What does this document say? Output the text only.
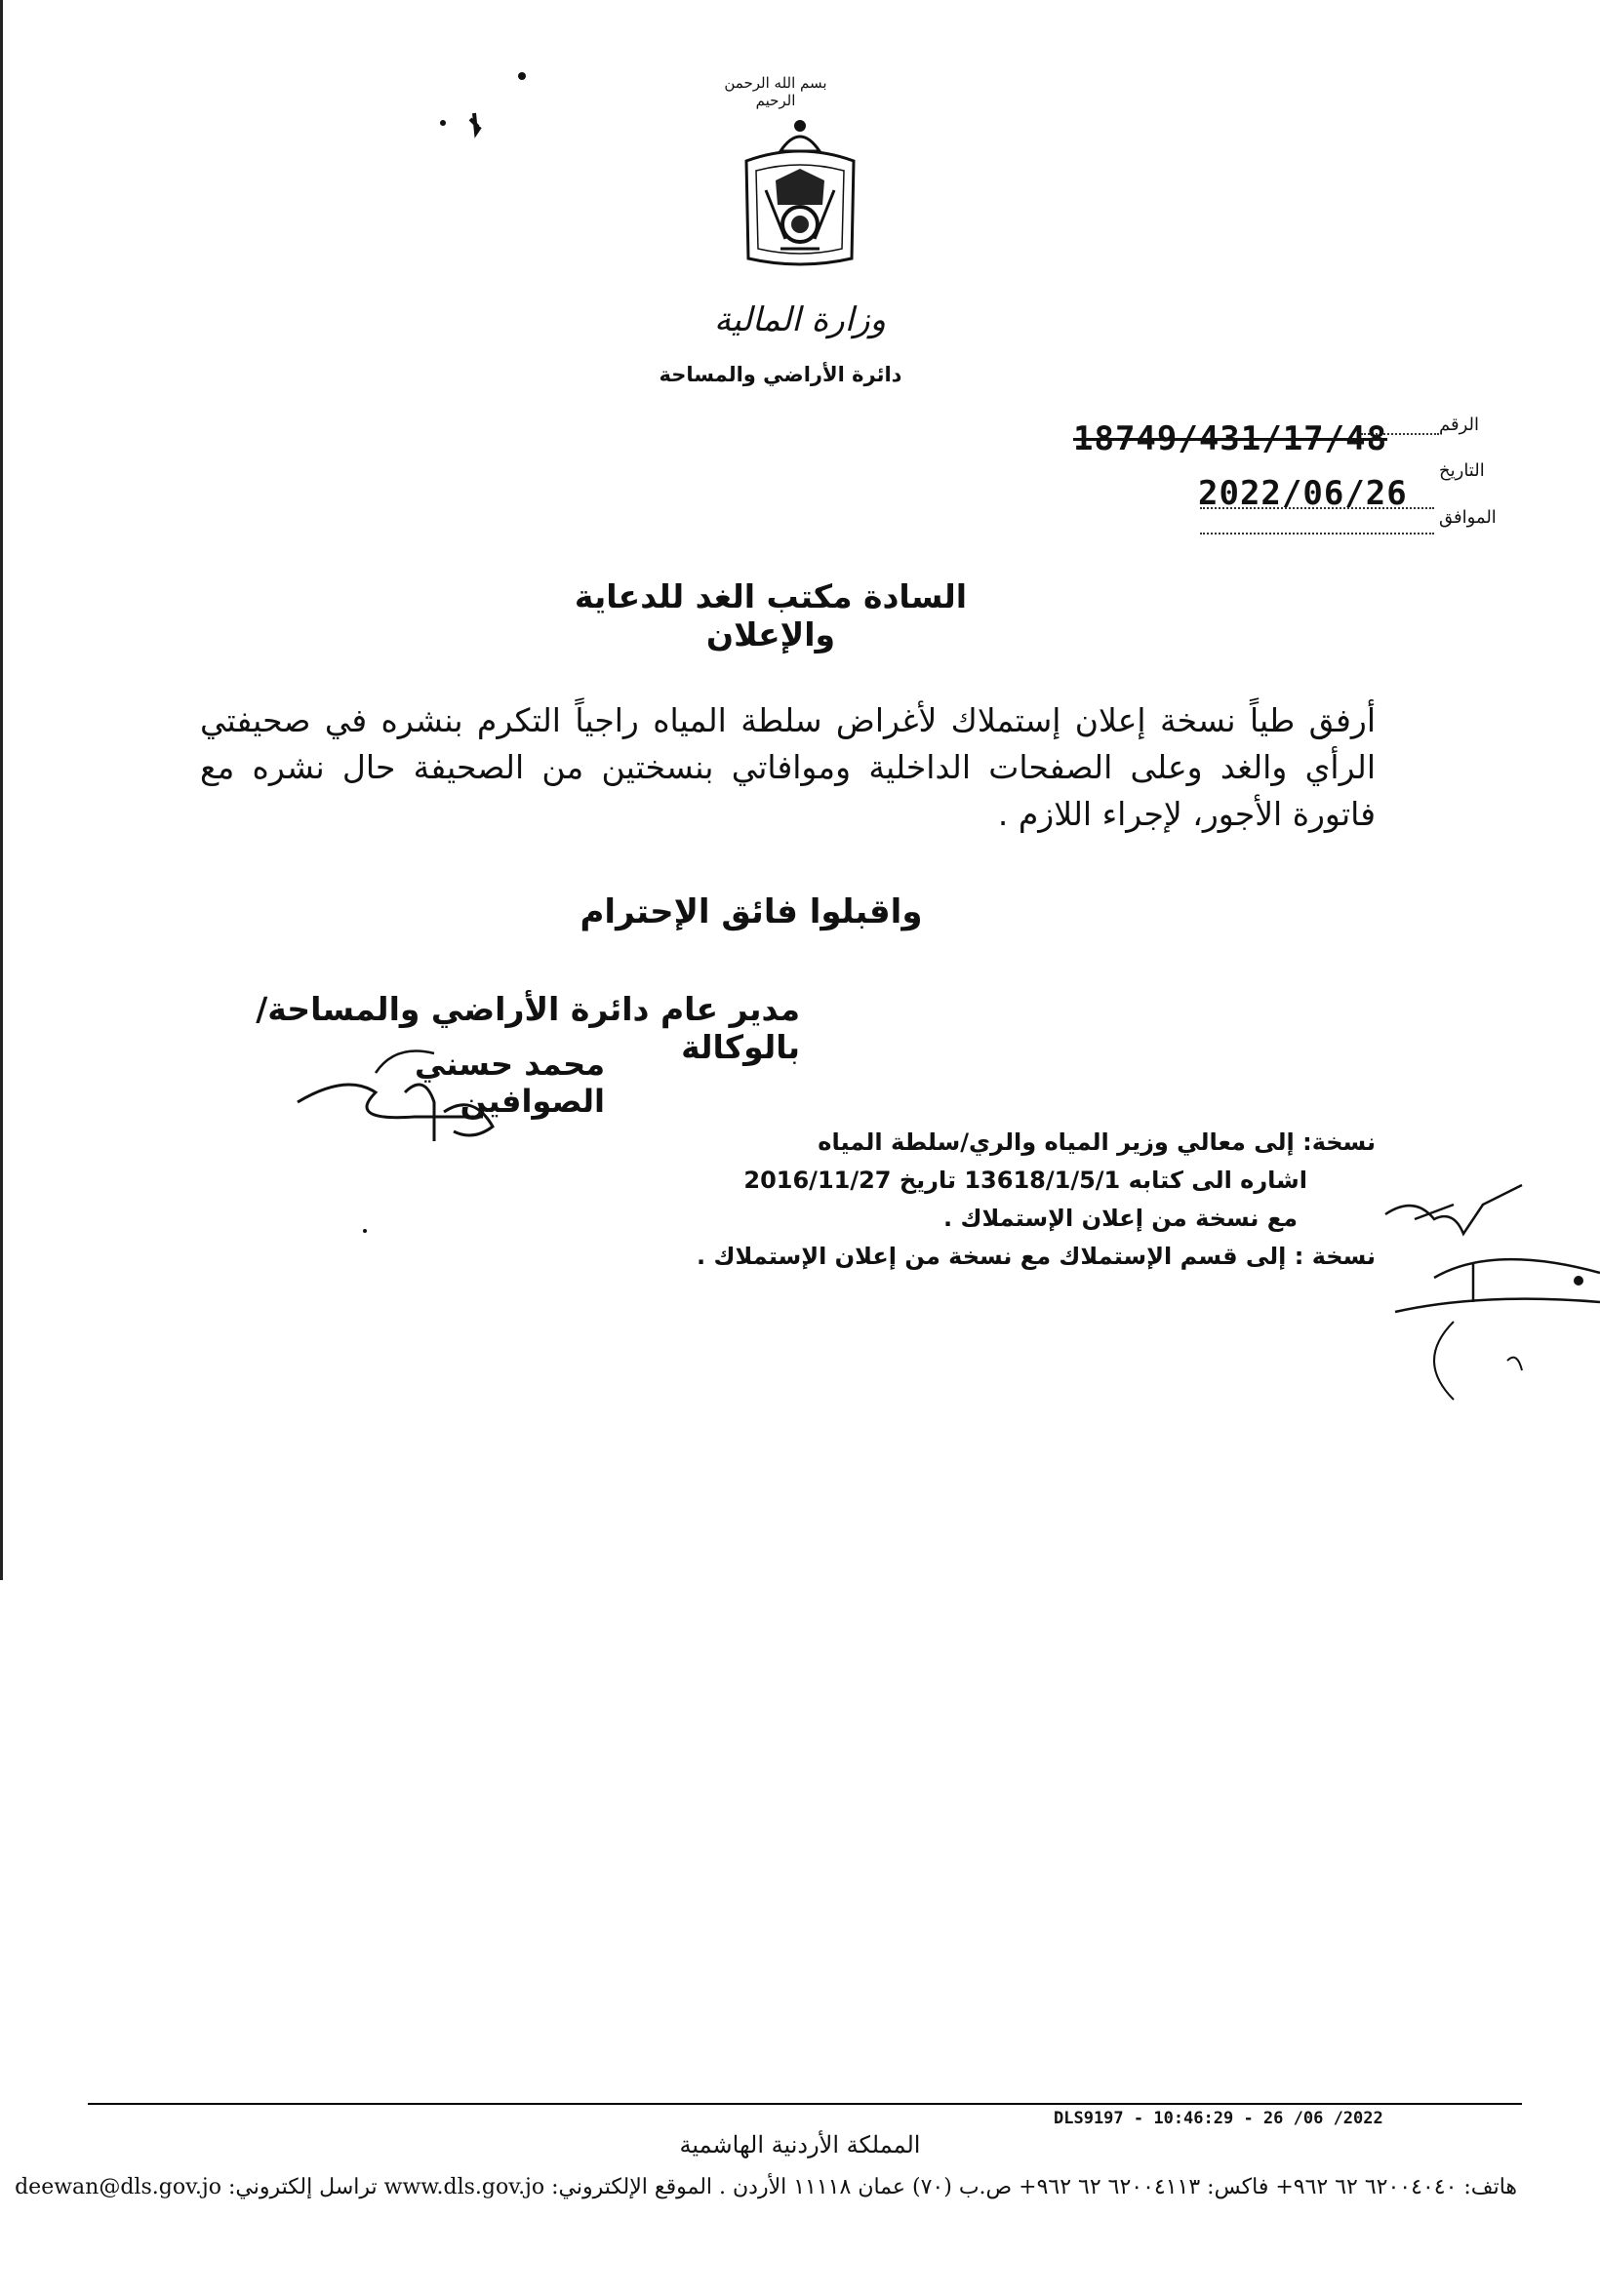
بسم الله الرحمن الرحيم
وزارة المالية
دائرة الأراضي والمساحة
الرقم
18749/431/17/48
التاريخ
2022/06/26
الموافق
السادة مكتب الغد للدعاية والإعلان
أرفق طياً نسخة إعلان إستملاك لأغراض سلطة المياه راجياً التكرم بنشره في صحيفتي الرأي والغد وعلى الصفحات الداخلية وموافاتي بنسختين من الصحيفة حال نشره مع فاتورة الأجور، لإجراء اللازم .
واقبلوا فائق الإحترام
مدير عام دائرة الأراضي والمساحة/بالوكالة
محمد حسني الصوافين
نسخة: إلى معالي وزير المياه والري/سلطة المياه
اشاره الى كتابه 13618/1/5/1 تاريخ 2016/11/27
مع نسخة من إعلان الإستملاك .
نسخة : إلى قسم الإستملاك مع نسخة من إعلان الإستملاك .
DLS9197 - 10:46:29 - 26 /06 /2022
المملكة الأردنية الهاشمية
هاتف: ٦٢٠٠٤٠٤٠ ٦٢ ٩٦٢+ فاكس: ٦٢٠٠٤١١٣ ٦٢ ٩٦٢+ ص.ب (٧٠) عمان ١١١١٨ الأردن . الموقع الإلكتروني: www.dls.gov.jo تراسل إلكتروني: deewan@dls.gov.jo
